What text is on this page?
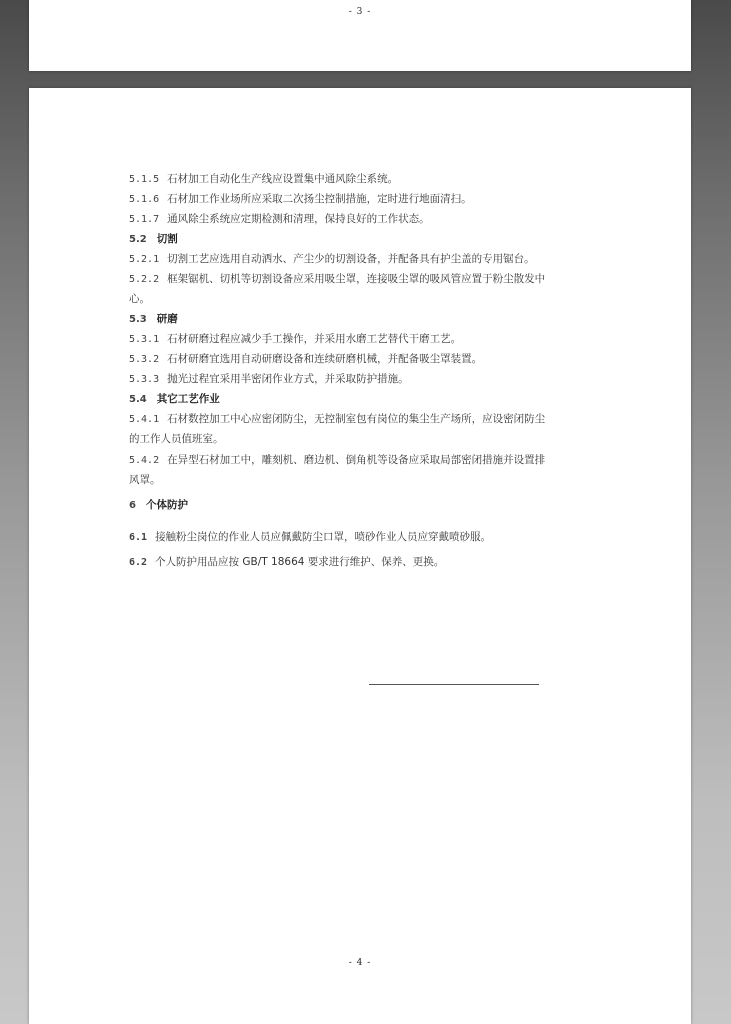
- 3 -
5.1.5 石材加工自动化生产线应设置集中通风除尘系统。
5.1.6 石材加工作业场所应采取二次扬尘控制措施，定时进行地面清扫。
5.1.7 通风除尘系统应定期检测和清理，保持良好的工作状态。
5.2 切割
5.2.1 切割工艺应选用自动洒水、产尘少的切割设备，并配备具有护尘盖的专用锯台。
5.2.2 框架锯机、切机等切割设备应采用吸尘罩，连接吸尘罩的吸风管应置于粉尘散发中
心。
5.3 研磨
5.3.1 石材研磨过程应减少手工操作，并采用水磨工艺替代干磨工艺。
5.3.2 石材研磨宜选用自动研磨设备和连续研磨机械，并配备吸尘罩装置。
5.3.3 抛光过程宜采用半密闭作业方式，并采取防护措施。
5.4 其它工艺作业
5.4.1 石材数控加工中心应密闭防尘，无控制室包有岗位的集尘生产场所，应设密闭防尘
的工作人员值班室。
5.4.2 在异型石材加工中，雕刻机、磨边机、倒角机等设备应采取局部密闭措施并设置排
风罩。
6 个体防护
6.1 接触粉尘岗位的作业人员应佩戴防尘口罩，喷砂作业人员应穿戴喷砂服。
6.2 个人防护用品应按 GB/T 18664 要求进行维护、保养、更换。
- 4 -
